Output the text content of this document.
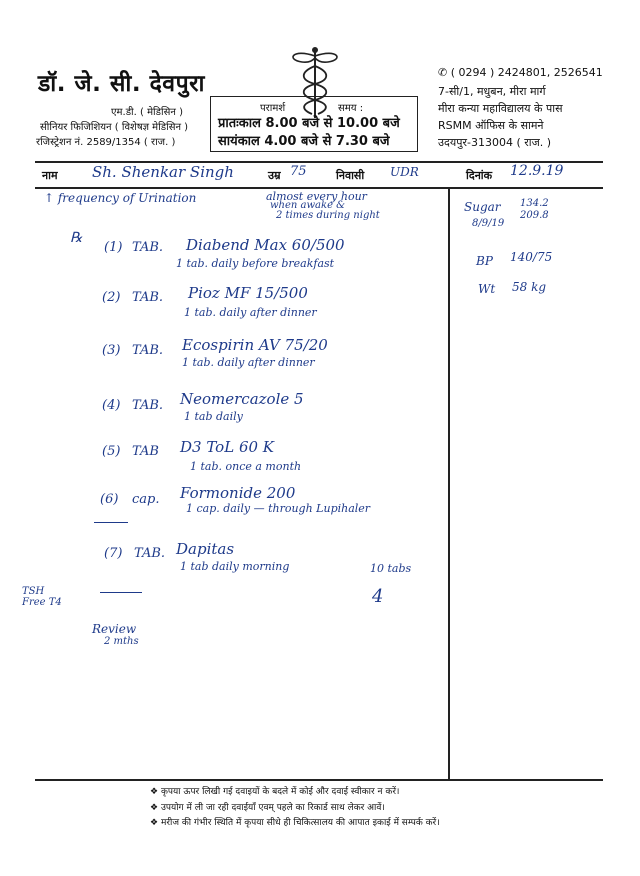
डॉ. जे. सी. देवपुरा
एम.डी. ( मेडिसिन )
सीनियर फिजिशियन ( विशेषज्ञ मेडिसिन )
रजिस्ट्रेशन नं. 2589/1354 ( राज. )
परामर्श	समय :
प्रातःकाल 8.00 बजे से 10.00 बजे
सायंकाल 4.00 बजे से 7.30 बजे
✆ ( 0294 ) 2424801, 2526541
7-सी/1, मधुबन, मीरा मार्ग
मीरा कन्या महाविद्यालय के पास
RSMM ऑफिस के सामने
उदयपुर-313004 ( राज. )
नाम Sh. Shenkar Singh	उम्र 75	निवासी UDR	दिनांक 12.9.19
↑ frequency of Urination	almost every hour
when awake &
2 times during night
℞
(1) TAB. Diabend Max 60/500
1 tab. daily before breakfast
(2) TAB. Pioz MF 15/500
1 tab. daily after dinner
(3) TAB. Ecospirin AV 75/20
1 tab. daily after dinner
(4) TAB. Neomercazole 5
1 tab daily
(5) TAB D3 ToL 60 K
1 tab. once a month
(6) cap. Formonide 200
1 cap. daily — through Lupihaler
(7) TAB. Dapitas
1 tab daily morning	10 tabs
4
Sugar
8/9/19
134.2
209.8
BP 140/75
Wt 58 kg
TSH
Free T4
Review
2 mths
❖ कृपया ऊपर लिखी गई दवाइयों के बदले में कोई और दवाई स्वीकार न करें।
❖ उपयोग में ली जा रही दवाईयाँ एवम् पहले का रिकार्ड साथ लेकर आवें।
❖ मरीज की गंभीर स्थिति में कृपया सीधे ही चिकित्सालय की आपात इकाई में सम्पर्क करें।
